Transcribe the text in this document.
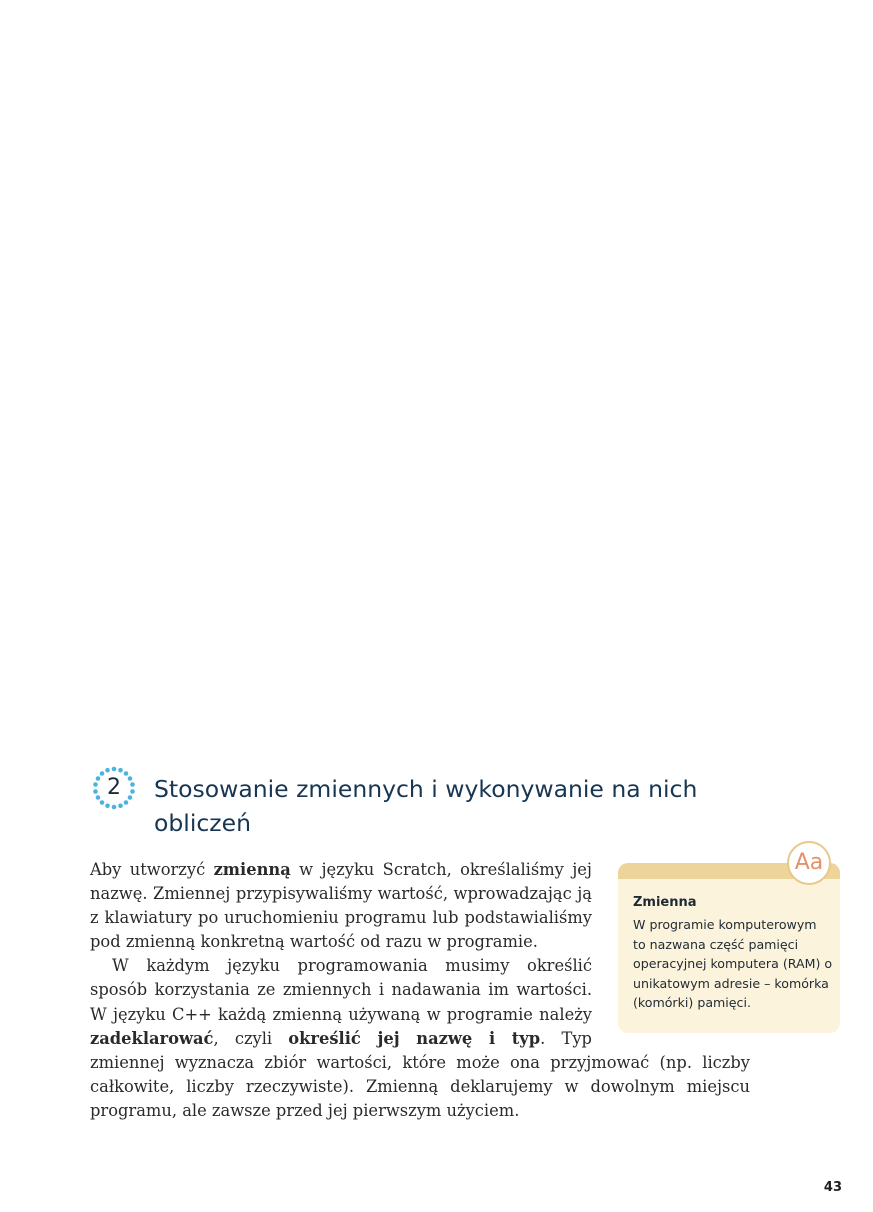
2	Stosowanie zmiennych i wykonywanie na nich obliczeń

Aby utworzyć zmienną w języku Scratch, określaliśmy jej nazwę. Zmiennej przypisywaliśmy wartość, wprowadzając ją z klawiatury po uruchomieniu programu lub podstawialiśmy pod zmienną konkretną wartość od razu w programie.

W każdym języku programowania musimy określić sposób korzystania ze zmiennych i nadawania im wartości. W języku C++ każdą zmienną używaną w programie należy zadeklarować, czyli określić jej nazwę i typ. Typ zmiennej wyznacza zbiór wartości, które może ona przyjmować (np. liczby całkowite, liczby rzeczywiste). Zmienną deklarujemy w dowolnym miejscu programu, ale zawsze przed jej pierwszym użyciem.

Aa

Zmienna

W programie komputerowym to nazwana część pamięci operacyjnej komputera (RAM) o unikatowym adresie – komórka (komórki) pamięci.

43
